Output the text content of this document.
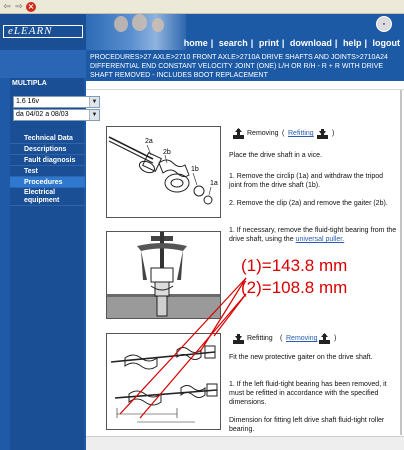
⇦ ⇨ ×
eLEARN
●
home | search | print | download | help | logout
MULTIPLA
1.6 16v	▼
da 04/02 a 08/03	▼
Technical Data
Descriptions
Fault diagnosis
Test
Procedures
Electrical equipment
PROCEDURES>27 AXLE>2710 FRONT AXLE>2710A DRIVE SHAFTS AND JOINTS>2710A24 DIFFERENTIAL END CONSTANT VELOCITY JOINT (ONE) L/H OR R/H - R + R WITH DRIVE SHAFT REMOVED - INCLUDES BOOT REPLACEMENT
2a
2b
1b
1a
Removing ( Refitting	)
Place the drive shaft in a vice.
1. Remove the circlip (1a) and withdraw the tripod joint from the drive shaft (1b).
2. Remove the clip (2a) and remove the gaiter (2b).
1. If necessary, remove the fluid-tight bearing from the drive shaft, using the universal puller.
(1)=143.8 mm
(2)=108.8 mm
Refitting ( Removing )
Fit the new protective gaiter on the drive shaft.
1. If the left fluid-tight bearing has been removed, it must be refitted in accordance with the specified dimensions.
Dimension for fitting left drive shaft fluid-tight roller bearing.
